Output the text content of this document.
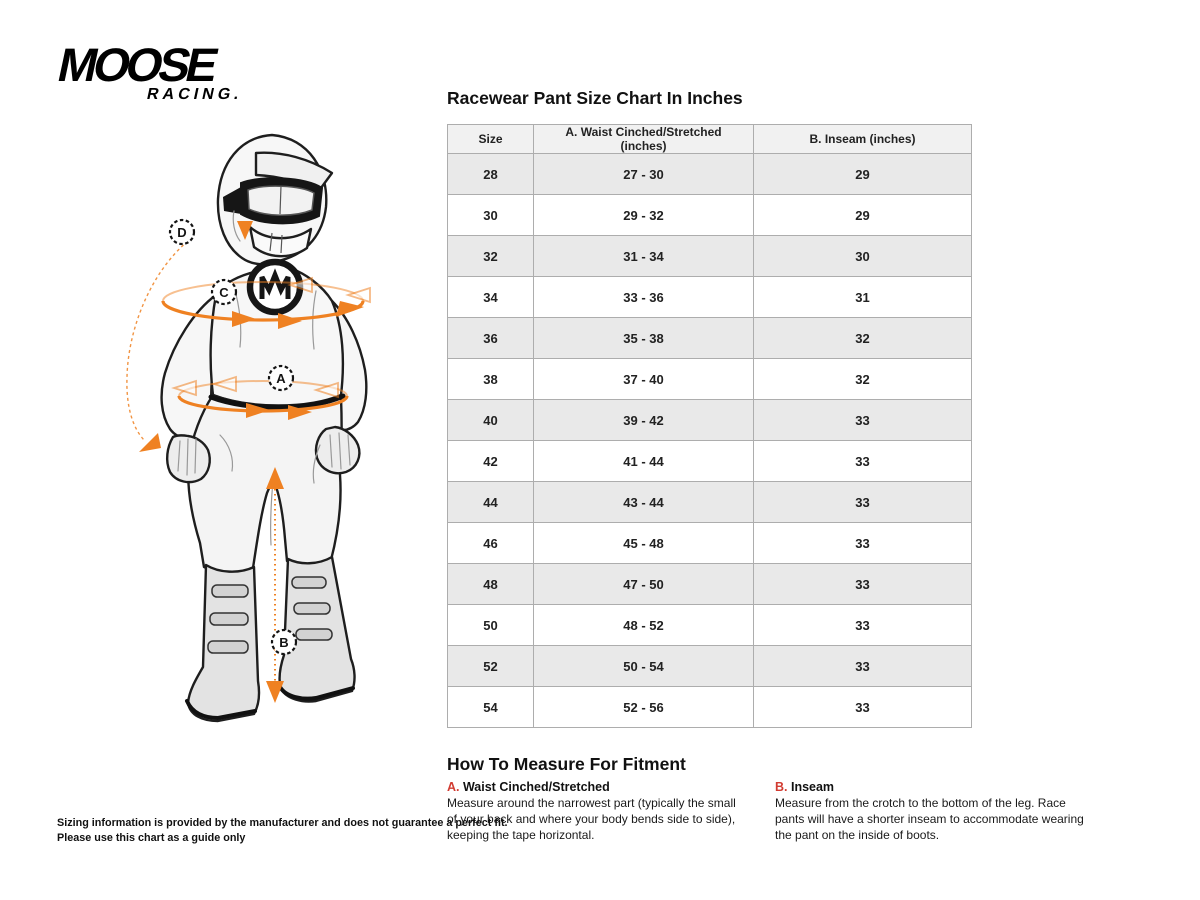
MOOSE
RACING.
D
C
A
B
Racewear Pant Size Chart In Inches
Size	A. Waist Cinched/Stretched (inches)	B. Inseam (inches)
28	27 - 30	29
30	29 - 32	29
32	31 - 34	30
34	33 - 36	31
36	35 - 38	32
38	37 - 40	32
40	39 - 42	33
42	41 - 44	33
44	43 - 44	33
46	45 - 48	33
48	47 - 50	33
50	48 - 52	33
52	50 - 54	33
54	52 - 56	33
How To Measure For Fitment
A. Waist Cinched/Stretched
Measure around the narrowest part (typically the small of your back and where your body bends side to side), keeping the tape horizontal.
B. Inseam
Measure from the crotch to the bottom of the leg. Race pants will have a shorter inseam to accommodate wearing the pant on the inside of boots.
Sizing information is provided by the manufacturer and does not guarantee a perfect fit.
Please use this chart as a guide only
